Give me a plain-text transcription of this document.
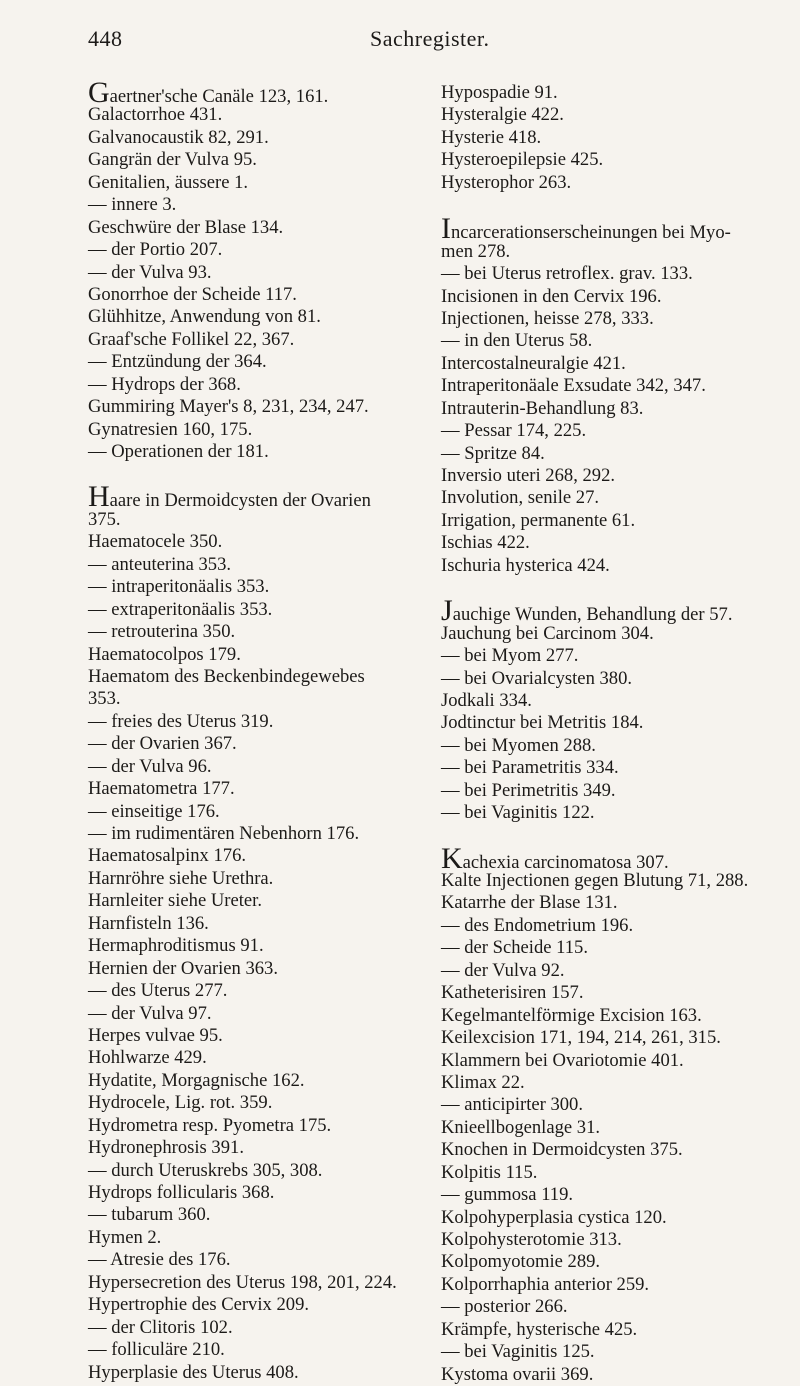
448	Sachregister.
Gaertner'sche Canäle 123, 161.
Galactorrhoe 431.
Galvanocaustik 82, 291.
Gangrän der Vulva 95.
Genitalien, äussere 1.
— innere 3.
Geschwüre der Blase 134.
— der Portio 207.
— der Vulva 93.
Gonorrhoe der Scheide 117.
Glühhitze, Anwendung von 81.
Graaf'sche Follikel 22, 367.
— Entzündung der 364.
— Hydrops der 368.
Gummiring Mayer's 8, 231, 234, 247.
Gynatresien 160, 175.
— Operationen der 181.
Haare in Dermoidcysten der Ovarien
375.
Haematocele 350.
— anteuterina 353.
— intraperitonäalis 353.
— extraperitonäalis 353.
— retrouterina 350.
Haematocolpos 179.
Haematom des Beckenbindegewebes
353.
— freies des Uterus 319.
— der Ovarien 367.
— der Vulva 96.
Haematometra 177.
— einseitige 176.
— im rudimentären Nebenhorn 176.
Haematosalpinx 176.
Harnröhre siehe Urethra.
Harnleiter siehe Ureter.
Harnfisteln 136.
Hermaphroditismus 91.
Hernien der Ovarien 363.
— des Uterus 277.
— der Vulva 97.
Herpes vulvae 95.
Hohlwarze 429.
Hydatite, Morgagnische 162.
Hydrocele, Lig. rot. 359.
Hydrometra resp. Pyometra 175.
Hydronephrosis 391.
— durch Uteruskrebs 305, 308.
Hydrops follicularis 368.
— tubarum 360.
Hymen 2.
— Atresie des 176.
Hypersecretion des Uterus 198, 201, 224.
Hypertrophie des Cervix 209.
— der Clitoris 102.
— folliculäre 210.
Hyperplasie des Uterus 408.
Hypospadie 91.
Hysteralgie 422.
Hysterie 418.
Hysteroepilepsie 425.
Hysterophor 263.
Incarcerationserscheinungen bei Myo-
men 278.
— bei Uterus retroflex. grav. 133.
Incisionen in den Cervix 196.
Injectionen, heisse 278, 333.
— in den Uterus 58.
Intercostalneuralgie 421.
Intraperitonäale Exsudate 342, 347.
Intrauterin-Behandlung 83.
— Pessar 174, 225.
— Spritze 84.
Inversio uteri 268, 292.
Involution, senile 27.
Irrigation, permanente 61.
Ischias 422.
Ischuria hysterica 424.
Jauchige Wunden, Behandlung der 57.
Jauchung bei Carcinom 304.
— bei Myom 277.
— bei Ovarialcysten 380.
Jodkali 334.
Jodtinctur bei Metritis 184.
— bei Myomen 288.
— bei Parametritis 334.
— bei Perimetritis 349.
— bei Vaginitis 122.
Kachexia carcinomatosa 307.
Kalte Injectionen gegen Blutung 71, 288.
Katarrhe der Blase 131.
— des Endometrium 196.
— der Scheide 115.
— der Vulva 92.
Katheterisiren 157.
Kegelmantelförmige Excision 163.
Keilexcision 171, 194, 214, 261, 315.
Klammern bei Ovariotomie 401.
Klimax 22.
— anticipirter 300.
Knieellbogenlage 31.
Knochen in Dermoidcysten 375.
Kolpitis 115.
— gummosa 119.
Kolpohyperplasia cystica 120.
Kolpohysterotomie 313.
Kolpomyotomie 289.
Kolporrhaphia anterior 259.
— posterior 266.
Krämpfe, hysterische 425.
— bei Vaginitis 125.
Kystoma ovarii 369.
